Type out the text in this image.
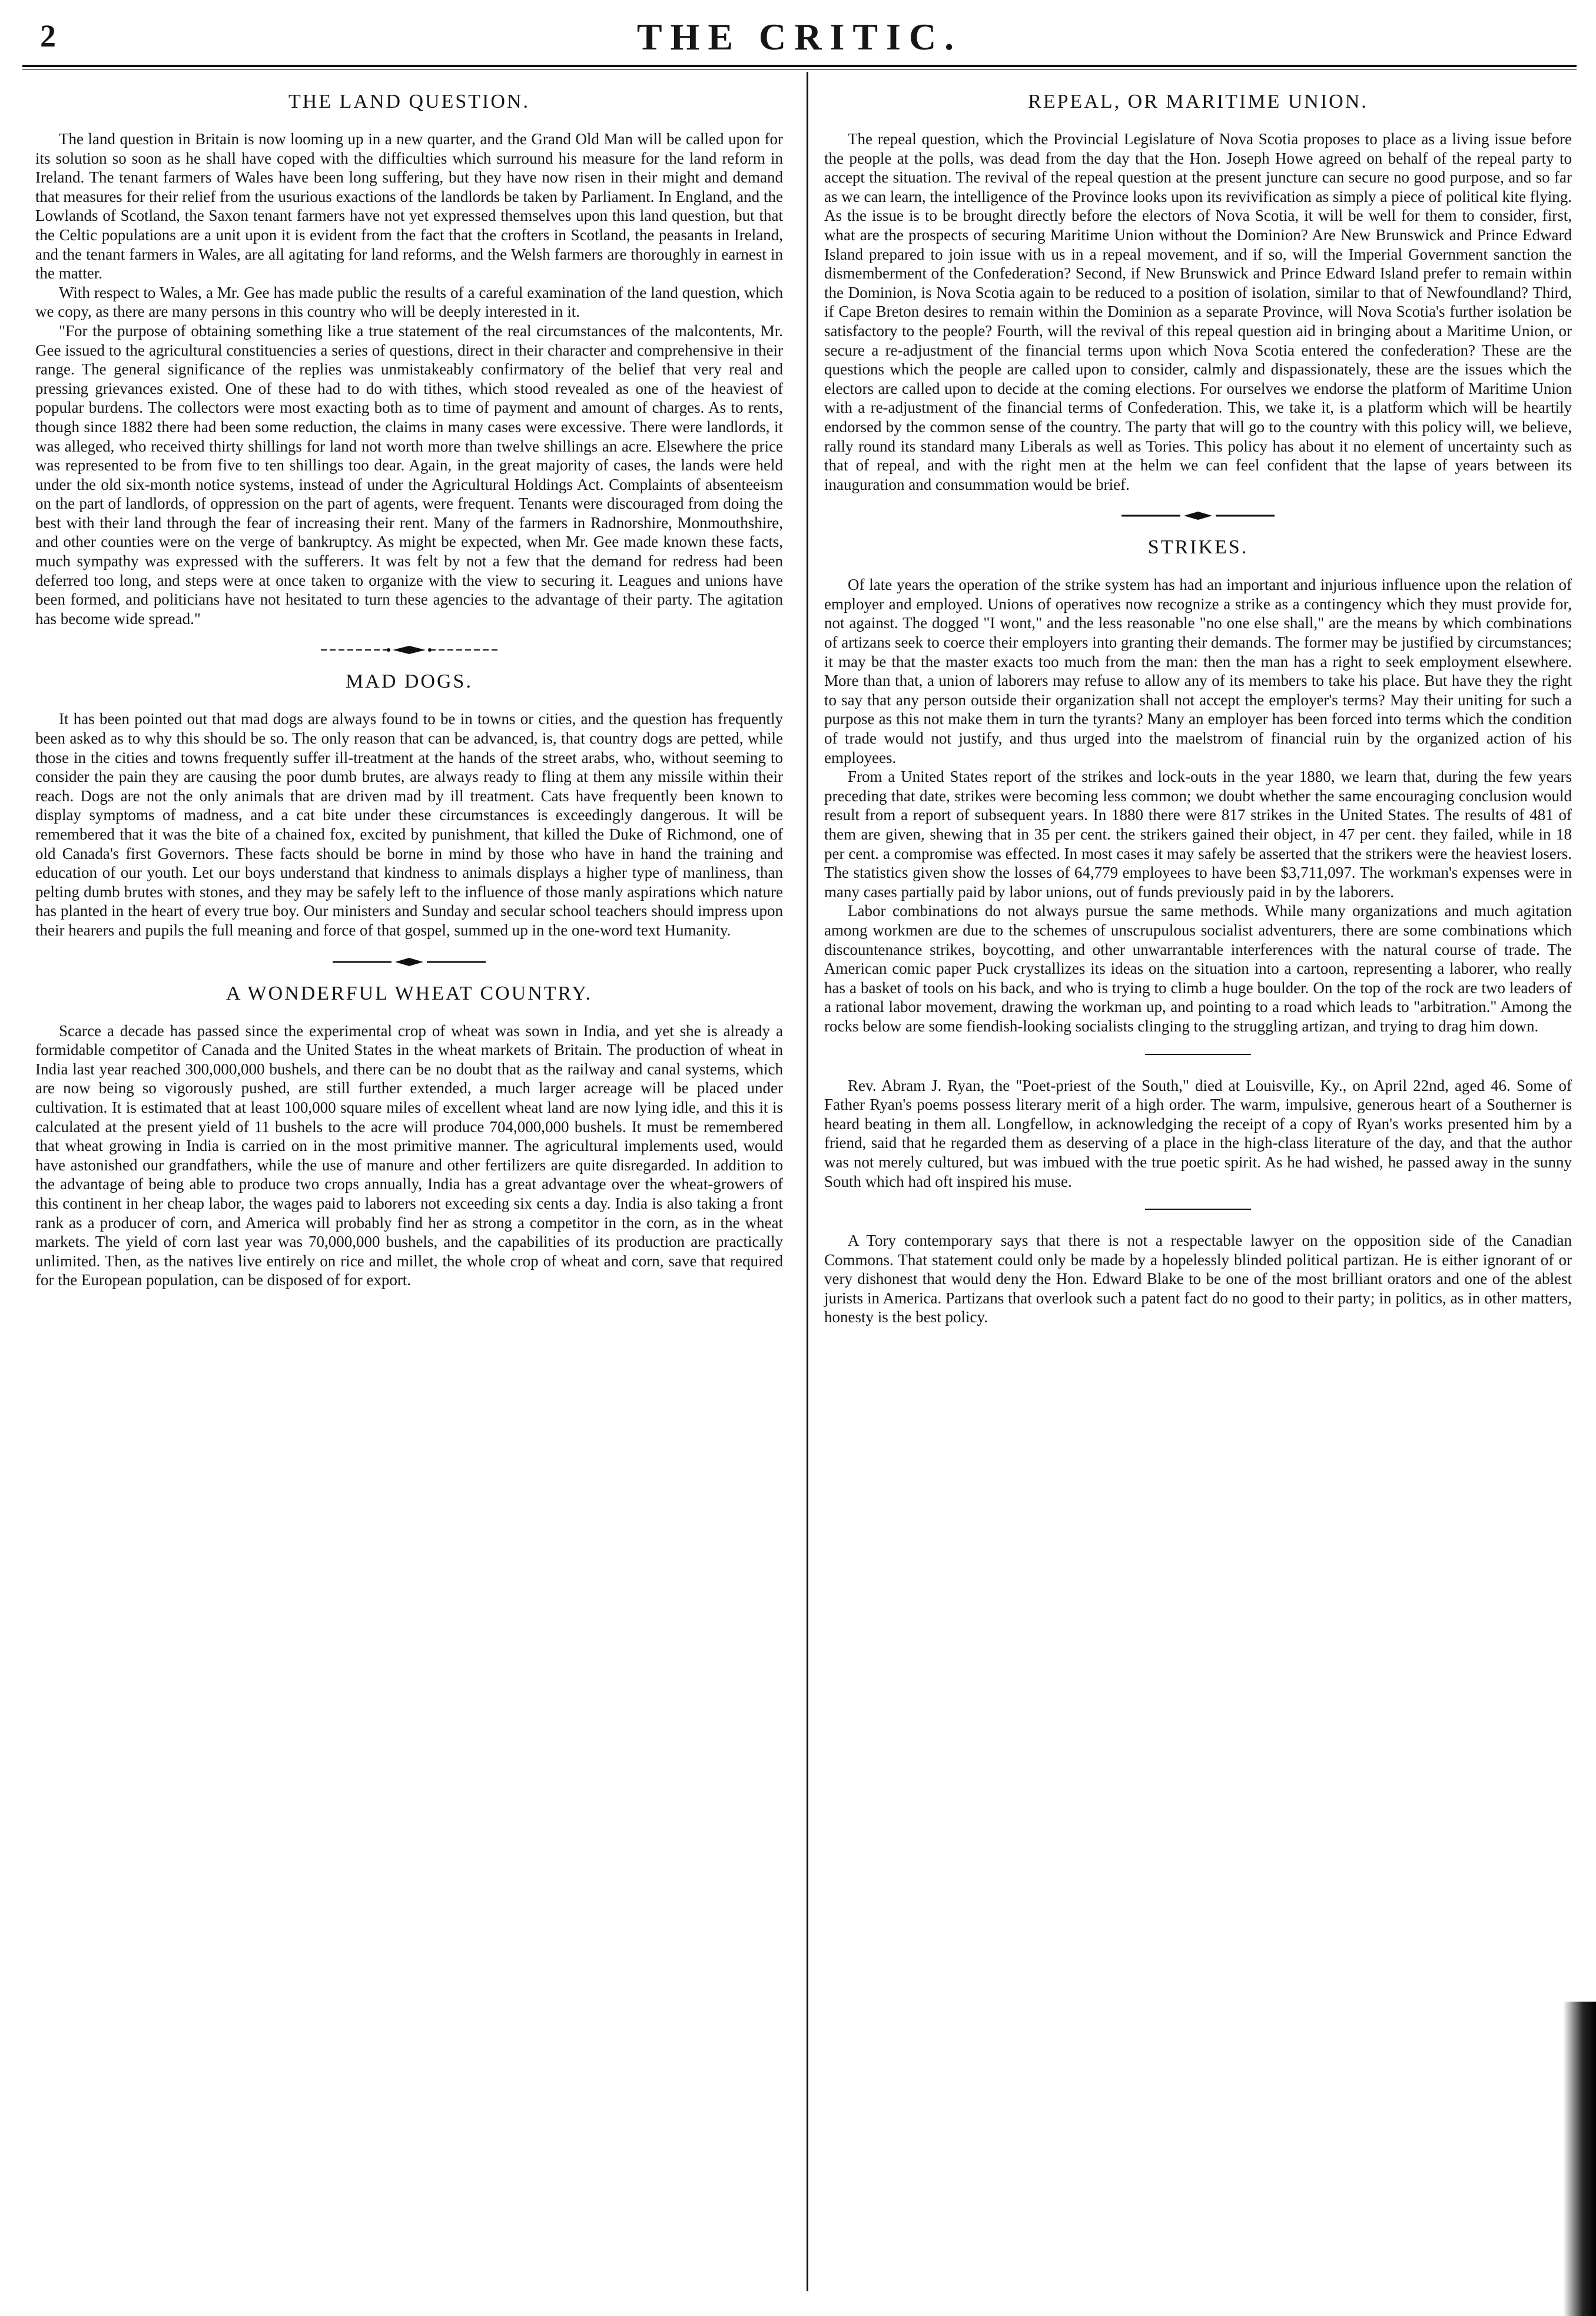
2	THE CRITIC.
THE LAND QUESTION.

The land question in Britain is now looming up in a new quarter, and the Grand Old Man will be called upon for its solution so soon as he shall have coped with the difficulties which surround his measure for the land reform in Ireland. The tenant farmers of Wales have been long suffering, but they have now risen in their might and demand that measures for their relief from the usurious exactions of the landlords be taken by Parliament. In England, and the Lowlands of Scotland, the Saxon tenant farmers have not yet expressed themselves upon this land question, but that the Celtic populations are a unit upon it is evident from the fact that the crofters in Scotland, the peasants in Ireland, and the tenant farmers in Wales, are all agitating for land reforms, and the Welsh farmers are thoroughly in earnest in the matter.

With respect to Wales, a Mr. Gee has made public the results of a careful examination of the land question, which we copy, as there are many persons in this country who will be deeply interested in it.

"For the purpose of obtaining something like a true statement of the real circumstances of the malcontents, Mr. Gee issued to the agricultural constituencies a series of questions, direct in their character and comprehensive in their range. The general significance of the replies was unmistakeably confirmatory of the belief that very real and pressing grievances existed. One of these had to do with tithes, which stood revealed as one of the heaviest of popular burdens. The collectors were most exacting both as to time of payment and amount of charges. As to rents, though since 1882 there had been some reduction, the claims in many cases were excessive. There were landlords, it was alleged, who received thirty shillings for land not worth more than twelve shillings an acre. Elsewhere the price was represented to be from five to ten shillings too dear. Again, in the great majority of cases, the lands were held under the old six-month notice systems, instead of under the Agricultural Holdings Act. Complaints of absenteeism on the part of landlords, of oppression on the part of agents, were frequent. Tenants were discouraged from doing the best with their land through the fear of increasing their rent. Many of the farmers in Radnorshire, Monmouthshire, and other counties were on the verge of bankruptcy. As might be expected, when Mr. Gee made known these facts, much sympathy was expressed with the sufferers. It was felt by not a few that the demand for redress had been deferred too long, and steps were at once taken to organize with the view to securing it. Leagues and unions have been formed, and politicians have not hesitated to turn these agencies to the advantage of their party. The agitation has become wide spread."

MAD DOGS.

It has been pointed out that mad dogs are always found to be in towns or cities, and the question has frequently been asked as to why this should be so. The only reason that can be advanced, is, that country dogs are petted, while those in the cities and towns frequently suffer ill-treatment at the hands of the street arabs, who, without seeming to consider the pain they are causing the poor dumb brutes, are always ready to fling at them any missile within their reach. Dogs are not the only animals that are driven mad by ill treatment. Cats have frequently been known to display symptoms of madness, and a cat bite under these circumstances is exceedingly dangerous. It will be remembered that it was the bite of a chained fox, excited by punishment, that killed the Duke of Richmond, one of old Canada's first Governors. These facts should be borne in mind by those who have in hand the training and education of our youth. Let our boys understand that kindness to animals displays a higher type of manliness, than pelting dumb brutes with stones, and they may be safely left to the influence of those manly aspirations which nature has planted in the heart of every true boy. Our ministers and Sunday and secular school teachers should impress upon their hearers and pupils the full meaning and force of that gospel, summed up in the one-word text Humanity.

A WONDERFUL WHEAT COUNTRY.

Scarce a decade has passed since the experimental crop of wheat was sown in India, and yet she is already a formidable competitor of Canada and the United States in the wheat markets of Britain. The production of wheat in India last year reached 300,000,000 bushels, and there can be no doubt that as the railway and canal systems, which are now being so vigorously pushed, are still further extended, a much larger acreage will be placed under cultivation. It is estimated that at least 100,000 square miles of excellent wheat land are now lying idle, and this it is calculated at the present yield of 11 bushels to the acre will produce 704,000,000 bushels. It must be remembered that wheat growing in India is carried on in the most primitive manner. The agricultural implements used, would have astonished our grandfathers, while the use of manure and other fertilizers are quite disregarded. In addition to the advantage of being able to produce two crops annually, India has a great advantage over the wheat-growers of this continent in her cheap labor, the wages paid to laborers not exceeding six cents a day. India is also taking a front rank as a producer of corn, and America will probably find her as strong a competitor in the corn, as in the wheat markets. The yield of corn last year was 70,000,000 bushels, and the capabilities of its production are practically unlimited. Then, as the natives live entirely on rice and millet, the whole crop of wheat and corn, save that required for the European population, can be disposed of for export.

REPEAL, OR MARITIME UNION.

The repeal question, which the Provincial Legislature of Nova Scotia proposes to place as a living issue before the people at the polls, was dead from the day that the Hon. Joseph Howe agreed on behalf of the repeal party to accept the situation. The revival of the repeal question at the present juncture can secure no good purpose, and so far as we can learn, the intelligence of the Province looks upon its revivification as simply a piece of political kite flying. As the issue is to be brought directly before the electors of Nova Scotia, it will be well for them to consider, first, what are the prospects of securing Maritime Union without the Dominion? Are New Brunswick and Prince Edward Island prepared to join issue with us in a repeal movement, and if so, will the Imperial Government sanction the dismemberment of the Confederation? Second, if New Brunswick and Prince Edward Island prefer to remain within the Dominion, is Nova Scotia again to be reduced to a position of isolation, similar to that of Newfoundland? Third, if Cape Breton desires to remain within the Dominion as a separate Province, will Nova Scotia's further isolation be satisfactory to the people? Fourth, will the revival of this repeal question aid in bringing about a Maritime Union, or secure a re-adjustment of the financial terms upon which Nova Scotia entered the confederation? These are the questions which the people are called upon to consider, calmly and dispassionately, these are the issues which the electors are called upon to decide at the coming elections. For ourselves we endorse the platform of Maritime Union with a re-adjustment of the financial terms of Confederation. This, we take it, is a platform which will be heartily endorsed by the common sense of the country. The party that will go to the country with this policy will, we believe, rally round its standard many Liberals as well as Tories. This policy has about it no element of uncertainty such as that of repeal, and with the right men at the helm we can feel confident that the lapse of years between its inauguration and consummation would be brief.

STRIKES.

Of late years the operation of the strike system has had an important and injurious influence upon the relation of employer and employed. Unions of operatives now recognize a strike as a contingency which they must provide for, not against. The dogged "I wont," and the less reasonable "no one else shall," are the means by which combinations of artizans seek to coerce their employers into granting their demands. The former may be justified by circumstances; it may be that the master exacts too much from the man: then the man has a right to seek employment elsewhere. More than that, a union of laborers may refuse to allow any of its members to take his place. But have they the right to say that any person outside their organization shall not accept the employer's terms? May their uniting for such a purpose as this not make them in turn the tyrants? Many an employer has been forced into terms which the condition of trade would not justify, and thus urged into the maelstrom of financial ruin by the organized action of his employees.

From a United States report of the strikes and lock-outs in the year 1880, we learn that, during the few years preceding that date, strikes were becoming less common; we doubt whether the same encouraging conclusion would result from a report of subsequent years. In 1880 there were 817 strikes in the United States. The results of 481 of them are given, shewing that in 35 per cent. the strikers gained their object, in 47 per cent. they failed, while in 18 per cent. a compromise was effected. In most cases it may safely be asserted that the strikers were the heaviest losers. The statistics given show the losses of 64,779 employees to have been $3,711,097. The workman's expenses were in many cases partially paid by labor unions, out of funds previously paid in by the laborers.

Labor combinations do not always pursue the same methods. While many organizations and much agitation among workmen are due to the schemes of unscrupulous socialist adventurers, there are some combinations which discountenance strikes, boycotting, and other unwarrantable interferences with the natural course of trade. The American comic paper Puck crystallizes its ideas on the situation into a cartoon, representing a laborer, who really has a basket of tools on his back, and who is trying to climb a huge boulder. On the top of the rock are two leaders of a rational labor movement, drawing the workman up, and pointing to a road which leads to "arbitration." Among the rocks below are some fiendish-looking socialists clinging to the struggling artizan, and trying to drag him down.

Rev. Abram J. Ryan, the "Poet-priest of the South," died at Louisville, Ky., on April 22nd, aged 46. Some of Father Ryan's poems possess literary merit of a high order. The warm, impulsive, generous heart of a Southerner is heard beating in them all. Longfellow, in acknowledging the receipt of a copy of Ryan's works presented him by a friend, said that he regarded them as deserving of a place in the high-class literature of the day, and that the author was not merely cultured, but was imbued with the true poetic spirit. As he had wished, he passed away in the sunny South which had oft inspired his muse.

A Tory contemporary says that there is not a respectable lawyer on the opposition side of the Canadian Commons. That statement could only be made by a hopelessly blinded political partizan. He is either ignorant of or very dishonest that would deny the Hon. Edward Blake to be one of the most brilliant orators and one of the ablest jurists in America. Partizans that overlook such a patent fact do no good to their party; in politics, as in other matters, honesty is the best policy.
